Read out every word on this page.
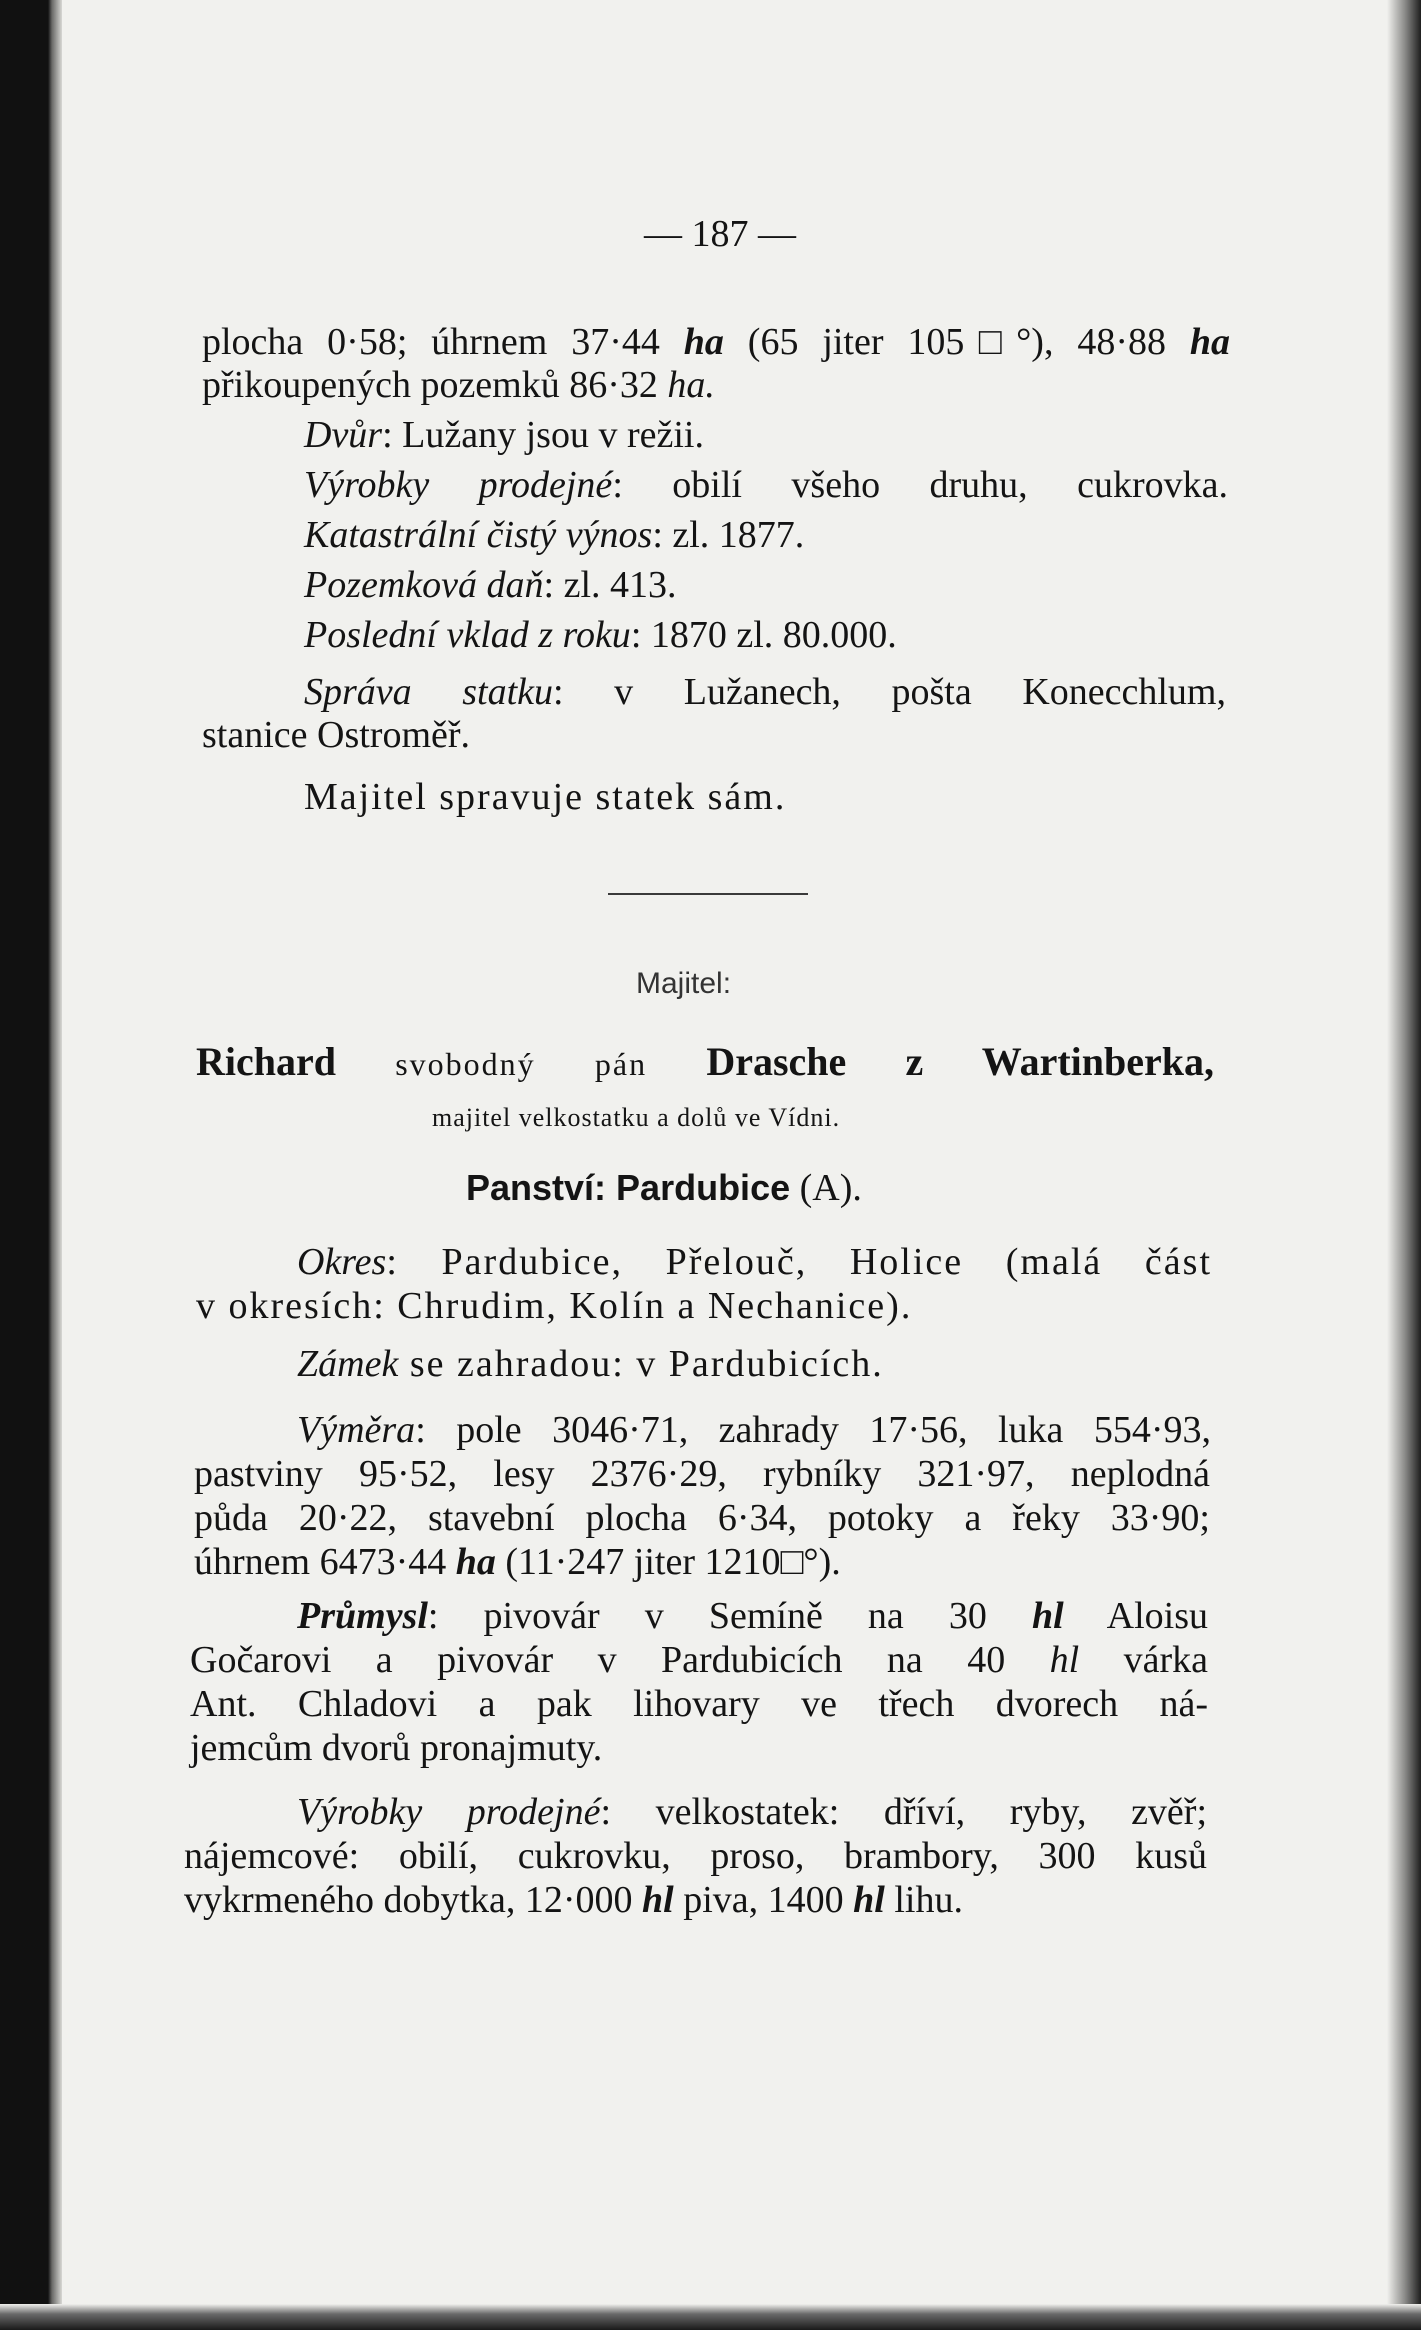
— 187 —
plocha 0·58; úhrnem 37·44 ha (65 jiter 105□°), 48·88 ha
přikoupených pozemků 86·32 ha.
Dvůr: Lužany jsou v režii.
Výrobky prodejné: obilí všeho druhu, cukrovka.
Katastrální čistý výnos: zl. 1877.
Pozemková daň: zl. 413.
Poslední vklad z roku: 1870 zl. 80.000.
Správa statku: v Lužanech, pošta Konecchlum,
stanice Ostroměř.
Majitel spravuje statek sám.
Majitel:
Richard svobodný pán Drasche z Wartinberka,
majitel velkostatku a dolů ve Vídni.
Panství: Pardubice (A).
Okres: Pardubice, Přelouč, Holice (malá část
v okresích: Chrudim, Kolín a Nechanice).
Zámek se zahradou: v Pardubicích.
Výměra: pole 3046·71, zahrady 17·56, luka 554·93,
pastviny 95·52, lesy 2376·29, rybníky 321·97, neplodná
půda 20·22, stavební plocha 6·34, potoky a řeky 33·90;
úhrnem 6473·44 ha (11·247 jiter 1210□°).
Průmysl: pivovár v Semíně na 30 hl Aloisu
Gočarovi a pivovár v Pardubicích na 40 hl várka
Ant. Chladovi a pak lihovary ve třech dvorech ná-
jemcům dvorů pronajmuty.
Výrobky prodejné: velkostatek: dříví, ryby, zvěř;
nájemcové: obilí, cukrovku, proso, brambory, 300 kusů
vykrmeného dobytka, 12·000 hl piva, 1400 hl lihu.
